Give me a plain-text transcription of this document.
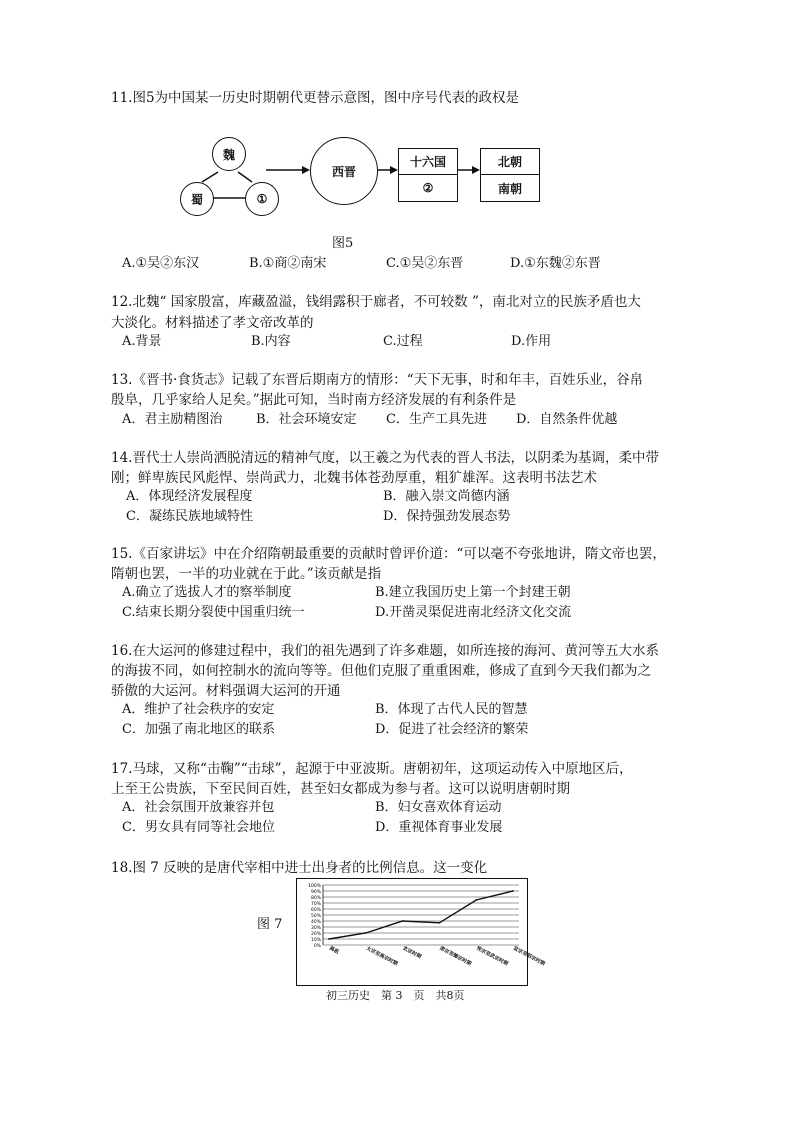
11.图5为中国某一历史时期朝代更替示意图，图中序号代表的政权是
魏
蜀	①
西晋
十六国
②
北朝
南朝
图5
A.①吴②东汉	B.①商②南宋	C.①吴②东晋	D.①东魏②东晋
12.北魏“ 国家殷富，库藏盈溢，钱绢露积于廊者，不可较数 ”，南北对立的民族矛盾也大
大淡化。材料描述了孝文帝改革的
A.背景	B.内容	C.过程	D.作用
13.《晋书·食货志》记载了东晋后期南方的情形：“天下无事，时和年丰，百姓乐业，谷帛
殷阜，几乎家给人足矣。”据此可知，当时南方经济发展的有利条件是
A．君主励精图治	B．社会环境安定 C．生产工具先进 D．自然条件优越
14.晋代士人崇尚洒脱清远的精神气度，以王羲之为代表的晋人书法，以阴柔为基调，柔中带
刚；鲜卑族民风彪悍、崇尚武力，北魏书体苍劲厚重，粗犷雄浑。这表明书法艺术
A．体现经济发展程度	B．融入崇文尚德内涵
C．凝练民族地域特性	D．保持强劲发展态势
15.《百家讲坛》中在介绍隋朝最重要的贡献时曾评价道：“可以毫不夸张地讲，隋文帝也罢，
隋朝也罢，一半的功业就在于此。”该贡献是指
A.确立了选拔人才的察举制度	B.建立我国历史上第一个封建王朝
C.结束长期分裂使中国重归统一	D.开凿灵渠促进南北经济文化交流
16.在大运河的修建过程中，我们的祖先遇到了许多难题，如所连接的海河、黄河等五大水系
的海拔不同，如何控制水的流向等等。但他们克服了重重困难，修成了直到今天我们都为之
骄傲的大运河。材料强调大运河的开通
A．维护了社会秩序的安定	B．体现了古代人民的智慧
C．加强了南北地区的联系	D．促进了社会经济的繁荣
17.马球，又称“击鞠”“击球”，起源于中亚波斯。唐朝初年，这项运动传入中原地区后，
上至王公贵族，下至民间百姓，甚至妇女都成为参与者。这可以说明唐朝时期
A．社会氛围开放兼容并包	B．妇女喜欢体育运动
C．男女具有同等社会地位	D．重视体育事业发展
18.图 7 反映的是唐代宰相中进士出身者的比例信息。这一变化
图 7
100%
90%
80%
70%
60%
50%
40%
30%
20%
10%
0% 高祖	太宗至高宗时期 玄宗时期	肃宗至德宗时期 宪宗至武宗时期 宣宗至昭宗时期
初三历史　第 3　页　共8页
